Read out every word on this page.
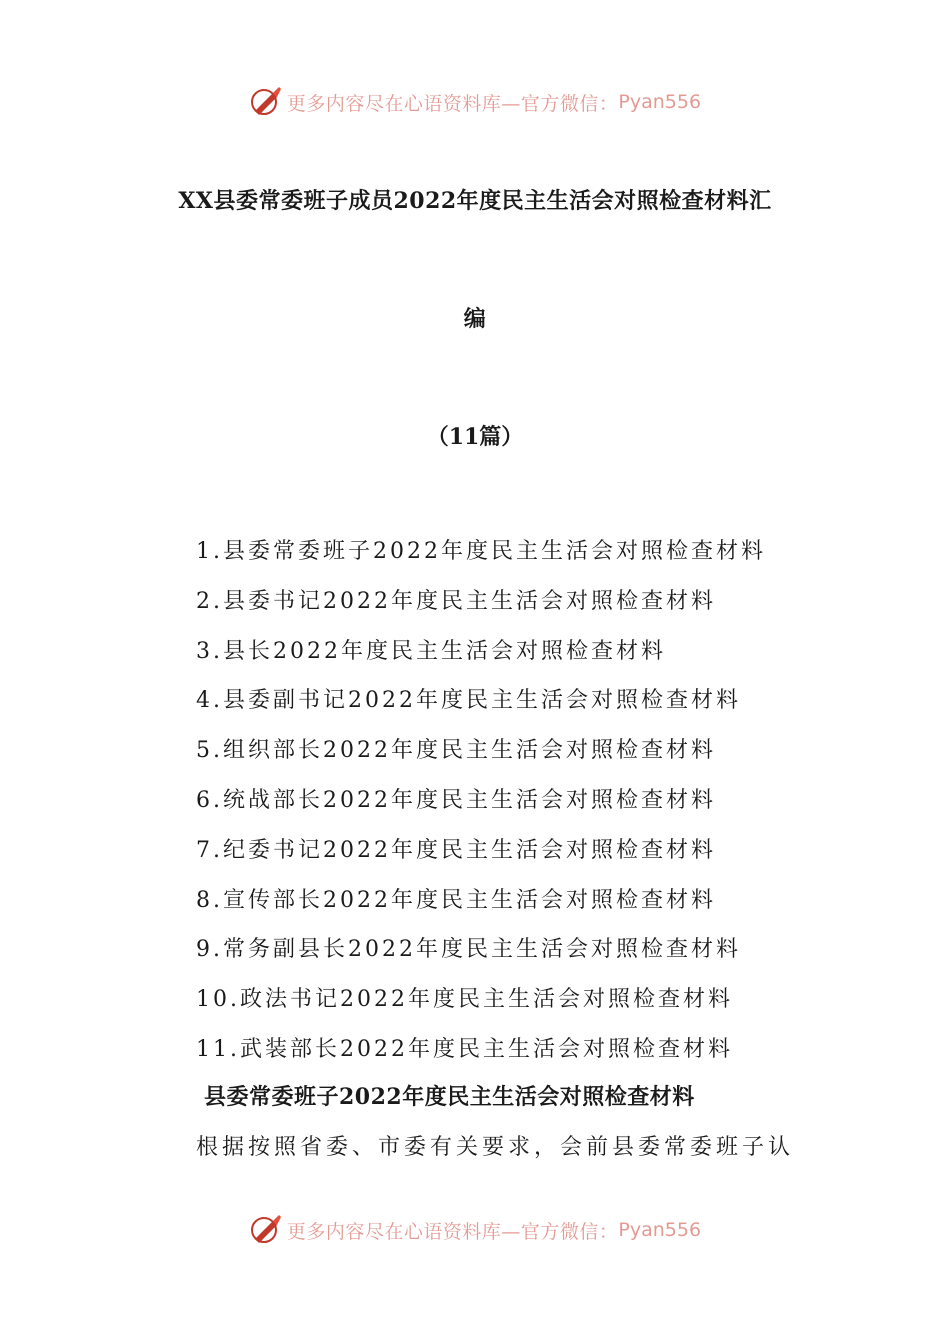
更多内容尽在心语资料库—官方微信： Pyan556
XX县委常委班子成员2022年度民主生活会对照检查材料汇
编
（11篇）
1.县委常委班子2022年度民主生活会对照检查材料
2.县委书记2022年度民主生活会对照检查材料
3.县长2022年度民主生活会对照检查材料
4.县委副书记2022年度民主生活会对照检查材料
5.组织部长2022年度民主生活会对照检查材料
6.统战部长2022年度民主生活会对照检查材料
7.纪委书记2022年度民主生活会对照检查材料
8.宣传部长2022年度民主生活会对照检查材料
9.常务副县长2022年度民主生活会对照检查材料
10.政法书记2022年度民主生活会对照检查材料
11.武装部长2022年度民主生活会对照检查材料
县委常委班子2022年度民主生活会对照检查材料
根据按照省委、市委有关要求，会前县委常委班子认
更多内容尽在心语资料库—官方微信： Pyan556
